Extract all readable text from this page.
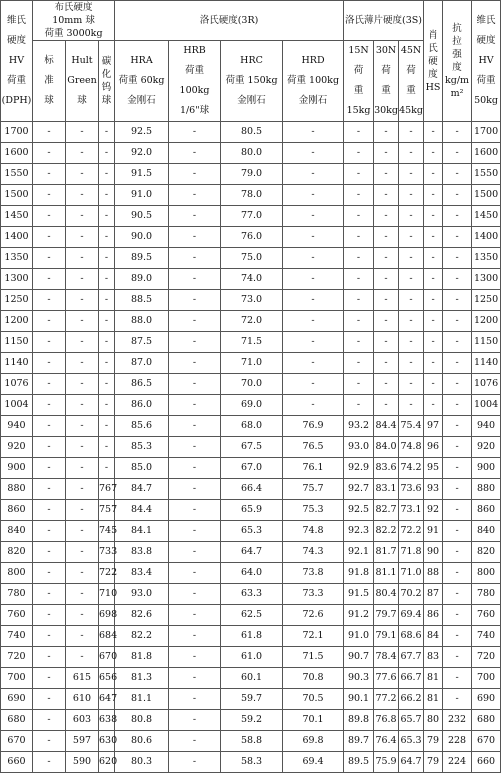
维氏
硬度
HV
荷重
(DPH)	布氏硬度
10mm 球
荷重 3000kg			洛氏硬度(3R)				洛氏薄片硬度(3S)			肖
氏
硬
度
HS	抗
拉
强
度
kg/mm²	维氏
硬度
HV
荷重
50kg
	标
准
球	Hult
Green
球	碳
化
钨
球	HRA
荷重 60kg
金刚石	HRB
荷重 100kg
1/6"球	HRC
荷重 150kg
金刚石	HRD
荷重 100kg
金刚石	15N
荷
重
15kg	30N
荷
重
30kg	45N
荷
重
45kg			
1700	-	-	-	92.5	-	80.5	-	-	-	-	-	-	1700
1600	-	-	-	92.0	-	80.0	-	-	-	-	-	-	1600
1550	-	-	-	91.5	-	79.0	-	-	-	-	-	-	1550
1500	-	-	-	91.0	-	78.0	-	-	-	-	-	-	1500
1450	-	-	-	90.5	-	77.0	-	-	-	-	-	-	1450
1400	-	-	-	90.0	-	76.0	-	-	-	-	-	-	1400
1350	-	-	-	89.5	-	75.0	-	-	-	-	-	-	1350
1300	-	-	-	89.0	-	74.0	-	-	-	-	-	-	1300
1250	-	-	-	88.5	-	73.0	-	-	-	-	-	-	1250
1200	-	-	-	88.0	-	72.0	-	-	-	-	-	-	1200
1150	-	-	-	87.5	-	71.5	-	-	-	-	-	-	1150
1140	-	-	-	87.0	-	71.0	-	-	-	-	-	-	1140
1076	-	-	-	86.5	-	70.0	-	-	-	-	-	-	1076
1004	-	-	-	86.0	-	69.0	-	-	-	-	-	-	1004
940	-	-	-	85.6	-	68.0	76.9	93.2	84.4	75.4	97	-	940
920	-	-	-	85.3	-	67.5	76.5	93.0	84.0	74.8	96	-	920
900	-	-	-	85.0	-	67.0	76.1	92.9	83.6	74.2	95	-	900
880	-	-	767	84.7	-	66.4	75.7	92.7	83.1	73.6	93	-	880
860	-	-	757	84.4	-	65.9	75.3	92.5	82.7	73.1	92	-	860
840	-	-	745	84.1	-	65.3	74.8	92.3	82.2	72.2	91	-	840
820	-	-	733	83.8	-	64.7	74.3	92.1	81.7	71.8	90	-	820
800	-	-	722	83.4	-	64.0	73.8	91.8	81.1	71.0	88	-	800
780	-	-	710	93.0	-	63.3	73.3	91.5	80.4	70.2	87	-	780
760	-	-	698	82.6	-	62.5	72.6	91.2	79.7	69.4	86	-	760
740	-	-	684	82.2	-	61.8	72.1	91.0	79.1	68.6	84	-	740
720	-	-	670	81.8	-	61.0	71.5	90.7	78.4	67.7	83	-	720
700	-	615	656	81.3	-	60.1	70.8	90.3	77.6	66.7	81	-	700
690	-	610	647	81.1	-	59.7	70.5	90.1	77.2	66.2	81	-	690
680	-	603	638	80.8	-	59.2	70.1	89.8	76.8	65.7	80	232	680
670	-	597	630	80.6	-	58.8	69.8	89.7	76.4	65.3	79	228	670
660	-	590	620	80.3	-	58.3	69.4	89.5	75.9	64.7	79	224	660
